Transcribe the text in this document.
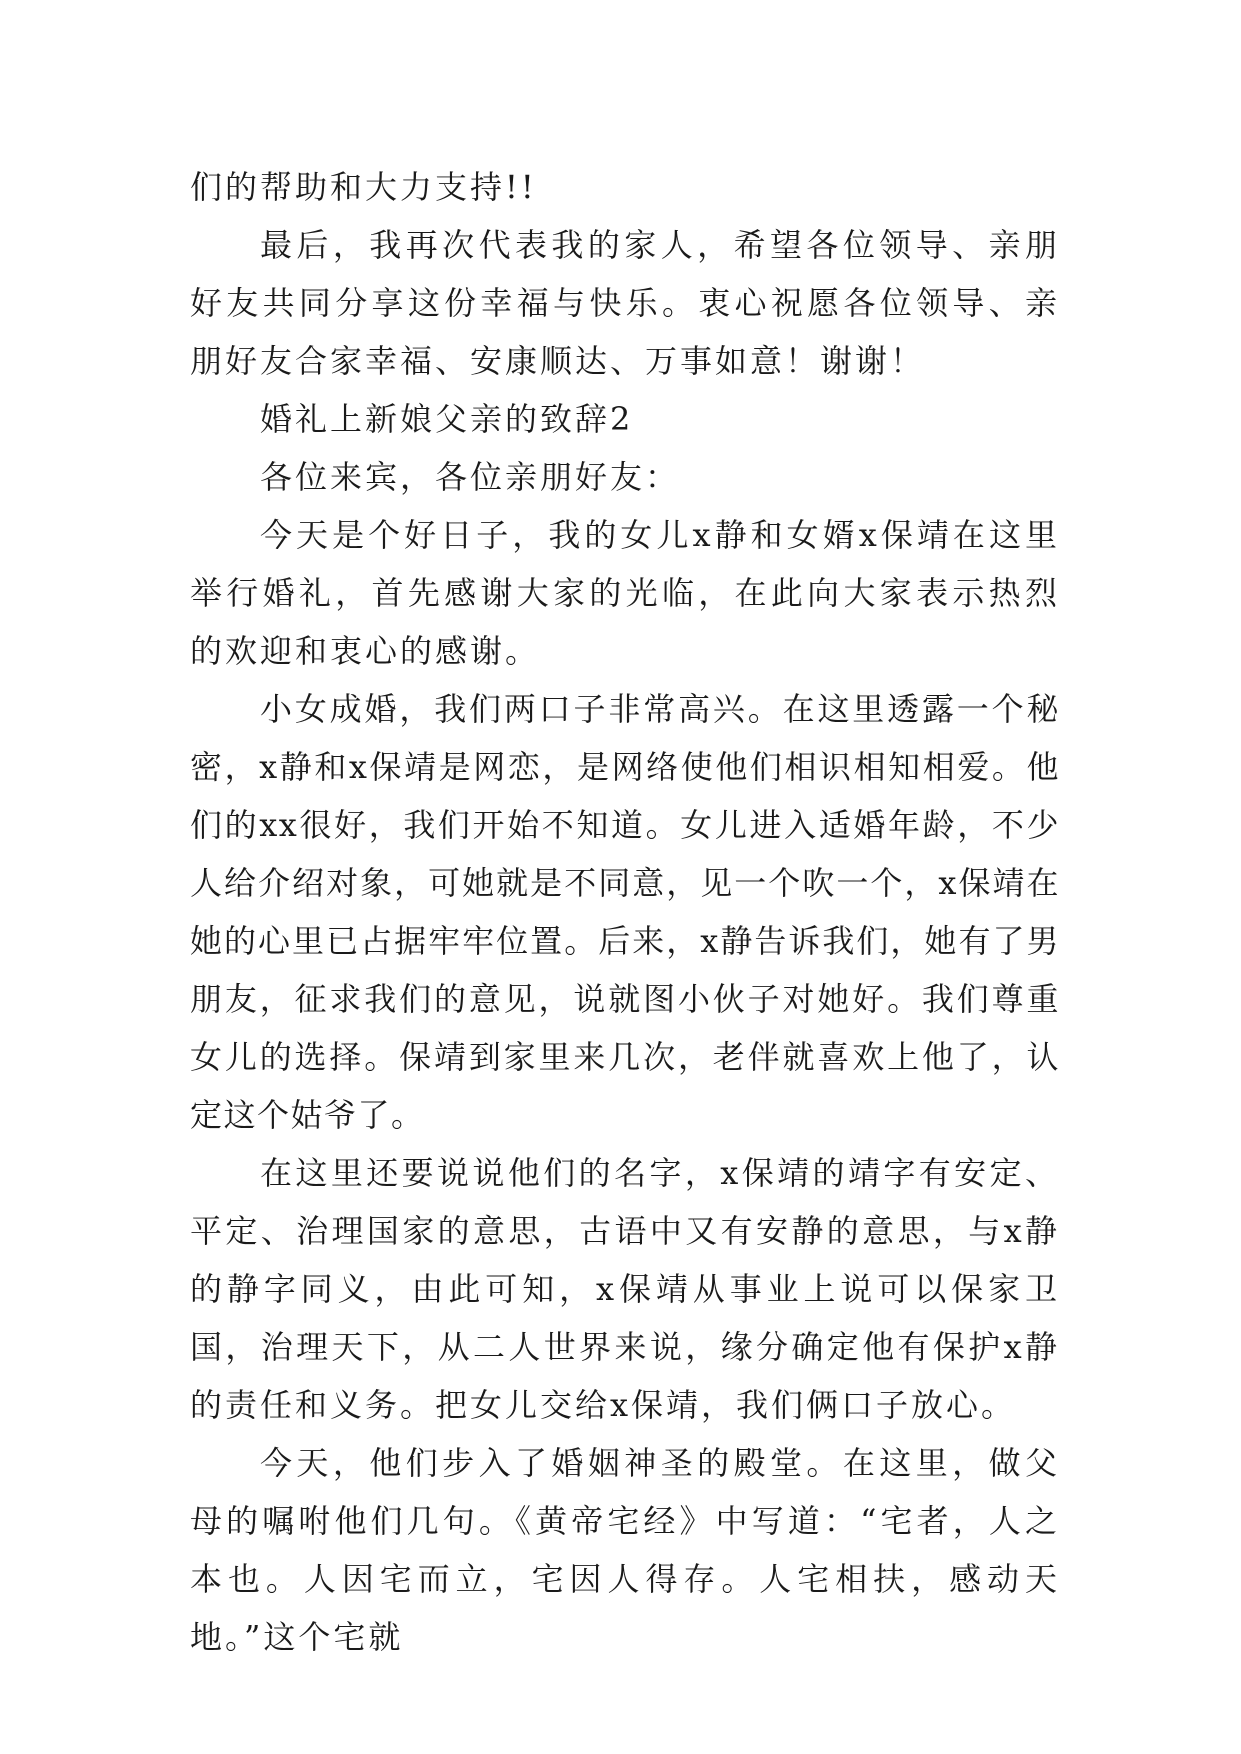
们的帮助和大力支持!!

最后，我再次代表我的家人，希望各位领导、亲朋好友共同分享这份幸福与快乐。衷心祝愿各位领导、亲朋好友合家幸福、安康顺达、万事如意！谢谢！

婚礼上新娘父亲的致辞2

各位来宾，各位亲朋好友：

今天是个好日子，我的女儿x静和女婿x保靖在这里举行婚礼，首先感谢大家的光临，在此向大家表示热烈的欢迎和衷心的感谢。

小女成婚，我们两口子非常高兴。在这里透露一个秘密，x静和x保靖是网恋，是网络使他们相识相知相爱。他们的xx很好，我们开始不知道。女儿进入适婚年龄，不少人给介绍对象，可她就是不同意，见一个吹一个，x保靖在她的心里已占据牢牢位置。后来，x静告诉我们，她有了男朋友，征求我们的意见，说就图小伙子对她好。我们尊重女儿的选择。保靖到家里来几次，老伴就喜欢上他了，认定这个姑爷了。

在这里还要说说他们的名字，x保靖的靖字有安定、平定、治理国家的意思，古语中又有安静的意思，与x静的静字同义，由此可知，x保靖从事业上说可以保家卫国，治理天下，从二人世界来说，缘分确定他有保护x静的责任和义务。把女儿交给x保靖，我们俩口子放心。

今天，他们步入了婚姻神圣的殿堂。在这里，做父母的嘱咐他们几句。《黄帝宅经》中写道：“宅者，人之本也。人因宅而立，宅因人得存。人宅相扶，感动天地。”这个宅就
